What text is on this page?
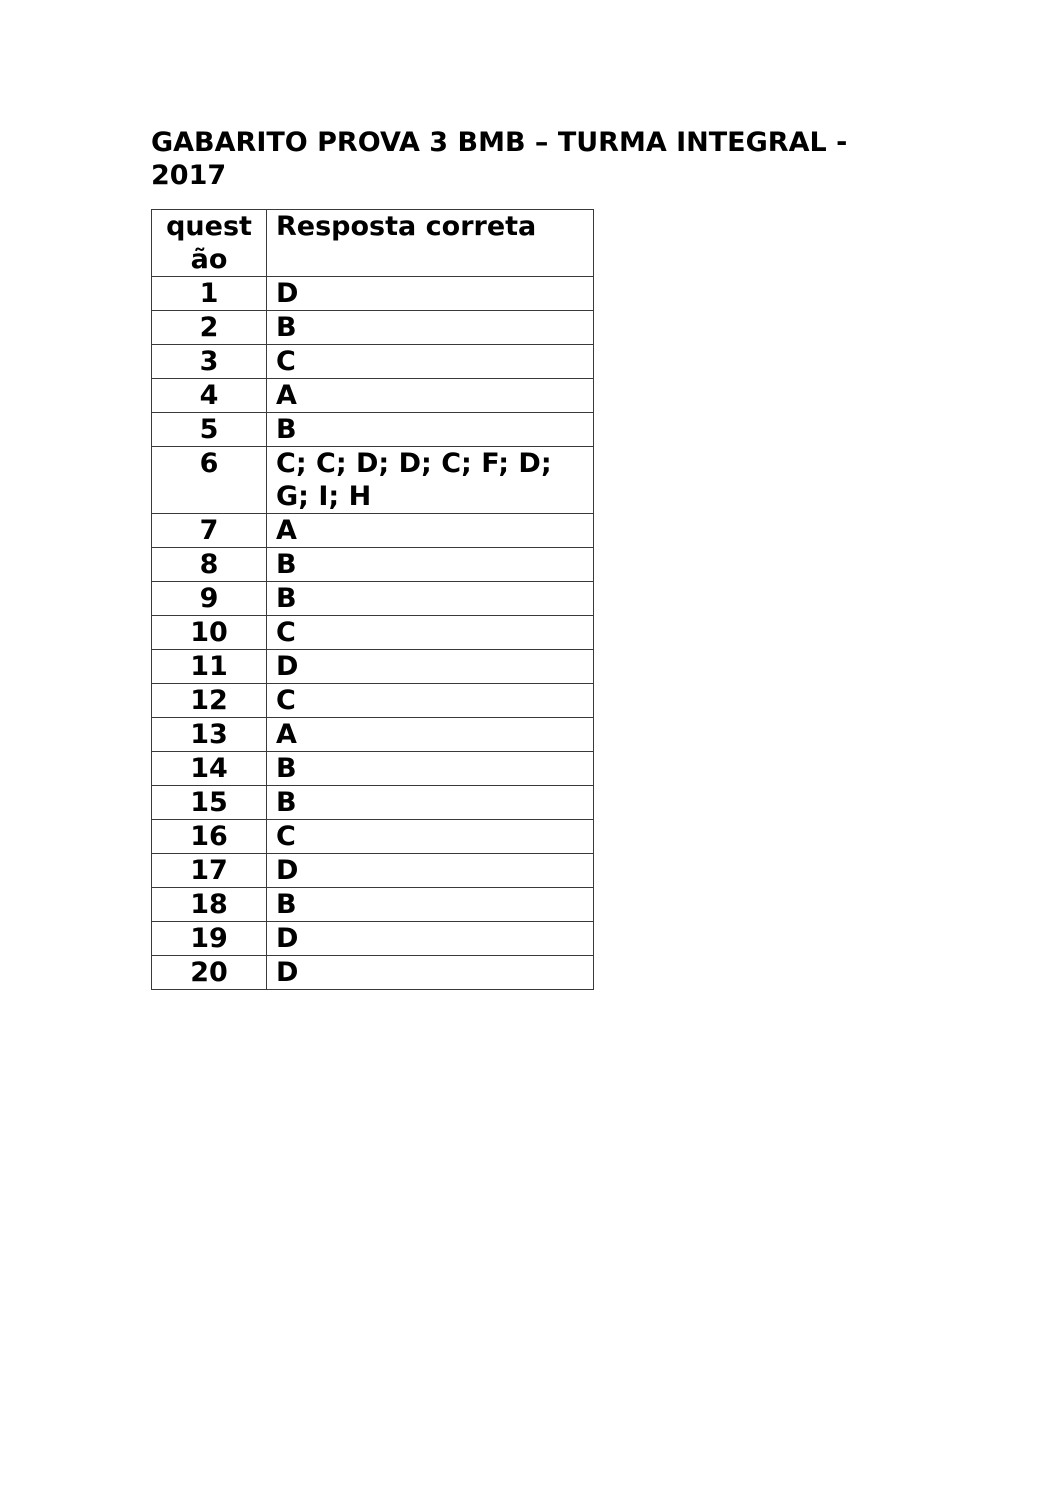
GABARITO PROVA 3 BMB – TURMA INTEGRAL - 2017
quest ão	Resposta correta
1	D
2	B
3	C
4	A
5	B
6	C; C; D; D; C; F; D; G; I; H
7	A
8	B
9	B
10	C
11	D
12	C
13	A
14	B
15	B
16	C
17	D
18	B
19	D
20	D
